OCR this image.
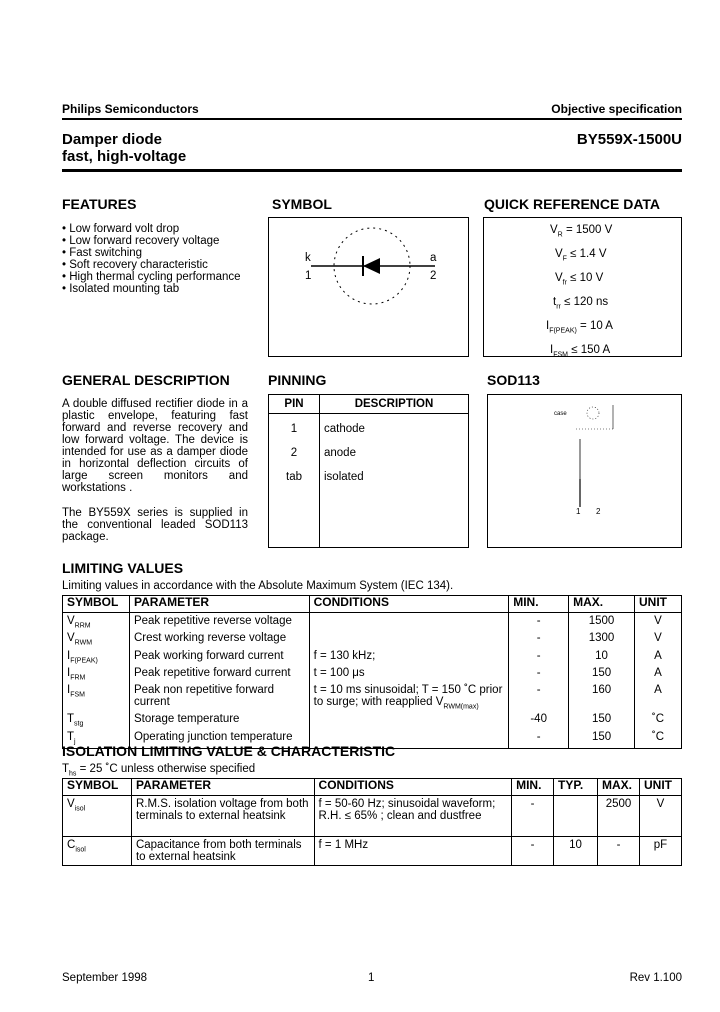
Philips Semiconductors	Objective specification
Damper diode
fast, high-voltage
BY559X-1500U
FEATURES
• Low forward volt drop
• Low forward recovery voltage
• Fast switching
• Soft recovery characteristic
• High thermal cycling performance
• Isolated mounting tab
SYMBOL
k
1
a
2
QUICK REFERENCE DATA
$V_R = 1500$ V
$V_F \le 1.4$ V
$V_{fr} \le 10$ V
$t_{rr} \le 120$ ns
$I_{F(PEAK)} = 10$ A
$I_{FSM} \le 150$ A
GENERAL DESCRIPTION
A double diffused rectifier diode in a plastic envelope, featuring fast forward and reverse recovery and low forward voltage. The device is intended for use as a damper diode in horizontal deflection circuits of large screen monitors and workstations .
The BY559X series is supplied in the conventional leaded SOD113 package.
PINNING
PIN	DESCRIPTION
1	cathode
2	anode
tab	isolated
SOD113
case
1 2
LIMITING VALUES
Limiting values in accordance with the Absolute Maximum System (IEC 134).
SYMBOL	PARAMETER	CONDITIONS	MIN.	MAX.	UNIT
$V_{RRM}$	Peak repetitive reverse voltage		-	1500	V
$V_{RWM}$	Crest working reverse voltage		-	1300	V
$I_{F(PEAK)}$	Peak working forward current	f = 130 kHz;	-	10	A
$I_{FRM}$	Peak repetitive forward current	t = 100 μs	-	150	A
$I_{FSM}$	Peak non repetitive forward current	t = 10 ms sinusoidal; T = 150 ˚C prior to surge; with reapplied $V_{RWM(max)}$	-	160	A
$T_{stg}$	Storage temperature		-40	150	˚C
$T_j$	Operating junction temperature		-	150	˚C
ISOLATION LIMITING VALUE & CHARACTERISTIC
$T_{hs} = 25$ ˚C unless otherwise specified
SYMBOL	PARAMETER	CONDITIONS	MIN.	TYP.	MAX.	UNIT
$V_{isol}$	R.M.S. isolation voltage from both terminals to external heatsink	f = 50-60 Hz; sinusoidal waveform; R.H. ≤ 65% ; clean and dustfree	-		2500	V
$C_{isol}$	Capacitance from both terminals to external heatsink	f = 1 MHz	-	10	-	pF
September 1998	1	Rev 1.100
